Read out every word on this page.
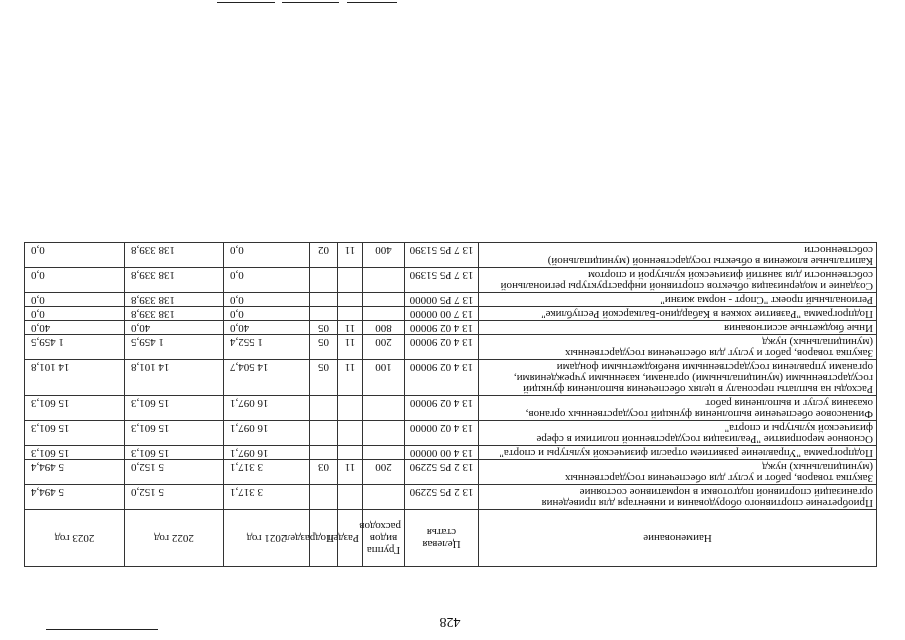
428
Наименование	Целевая статья	Группа видов расходов	Раздел	Подраздел	2021 год	2022 год	2023 год
Приобретение спортивного оборудования и инвентаря для приведения организаций спортивной подготовки в нормативное состояние	13 2 P5 52290				3 317,1	5 152,0	5 494,4
Закупка товаров, работ и услуг для обеспечения государственных (муниципальных) нужд	13 2 P5 52290	200	11	03	3 317,1	5 152,0	5 494,4
Подпрограмма "Управление развитием отрасли физической культуры и спорта"	13 4 00 00000				16 097,1	15 601,3	15 601,3
Основное мероприятие "Реализация государственной политики в сфере физической культуры и спорта"	13 4 02 00000				16 097,1	15 601,3	15 601,3
Финансовое обеспечение выполнения функций государственных органов, оказания услуг и выполнения работ	13 4 02 90000				16 097,1	15 601,3	15 601,3
Расходы на выплаты персоналу в целях обеспечения выполнения функций государственными (муниципальными) органами, казенными учреждениями, органами управления государственными внебюджетными фондами	13 4 02 90000	100	11	05	14 504,7	14 101,8	14 101,8
Закупка товаров, работ и услуг для обеспечения государственных (муниципальных) нужд	13 4 02 90000	200	11	05	1 552,4	1 459,5	1 459,5
Иные бюджетные ассигнования	13 4 02 90000	800	11	05	40,0	40,0	40,0
Подпрограмма "Развитие хоккея в Кабардино-Балкарской Республике"	13 7 00 00000				0,0	138 339,8	0,0
Региональный проект "Спорт - норма жизни"	13 7 P5 00000				0,0	138 339,8	0,0
Создание и модернизация объектов спортивной инфраструктуры региональной собственности для занятий физической культурой и спортом	13 7 P5 51390				0,0	138 339,8	0,0
Капитальные вложения в объекты государственной (муниципальной) собственности	13 7 P5 51390	400	11	02	0,0	138 339,8	0,0
